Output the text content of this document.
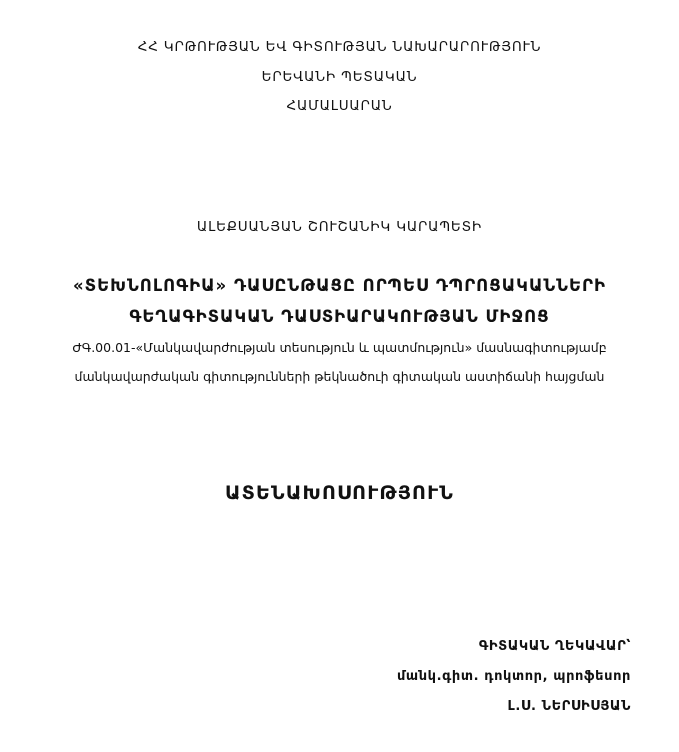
ՀՀ ԿՐԹՈՒԹՅԱՆ ԵՎ ԳԻՏՈՒԹՅԱՆ ՆԱԽԱՐԱՐՈՒԹՅՈՒՆ
ԵՐԵՎԱՆԻ ՊԵՏԱԿԱՆ
ՀԱՄԱԼՍԱՐԱՆ
ԱԼԵՔՍԱՆՅԱՆ ՇՈՒՇԱՆԻԿ ԿԱՐԱՊԵՏԻ
«ՏԵԽՆՈԼՈԳԻԱ» ԴԱՍԸՆԹԱՑԸ ՈՐՊԵՍ ԴՊՐՈՑԱԿԱՆՆԵՐԻ
ԳԵՂԱԳԻՏԱԿԱՆ ԴԱՍՏԻԱՐԱԿՈՒԹՅԱՆ ՄԻՋՈՑ
ԺԳ.00.01-«Մանկավարժության տեսություն և պատմություն» մասնագիտությամբ
մանկավարժական գիտությունների թեկնածուի գիտական աստիճանի հայցման
ԱՏԵՆԱԽՈՍՈՒԹՅՈՒՆ
ԳԻՏԱԿԱՆ ՂԵԿԱՎԱՐ՝
մանկ.գիտ. դոկտոր, պրոֆեսոր
Լ.Ս. ՆԵՐՍԻՍՅԱՆ
